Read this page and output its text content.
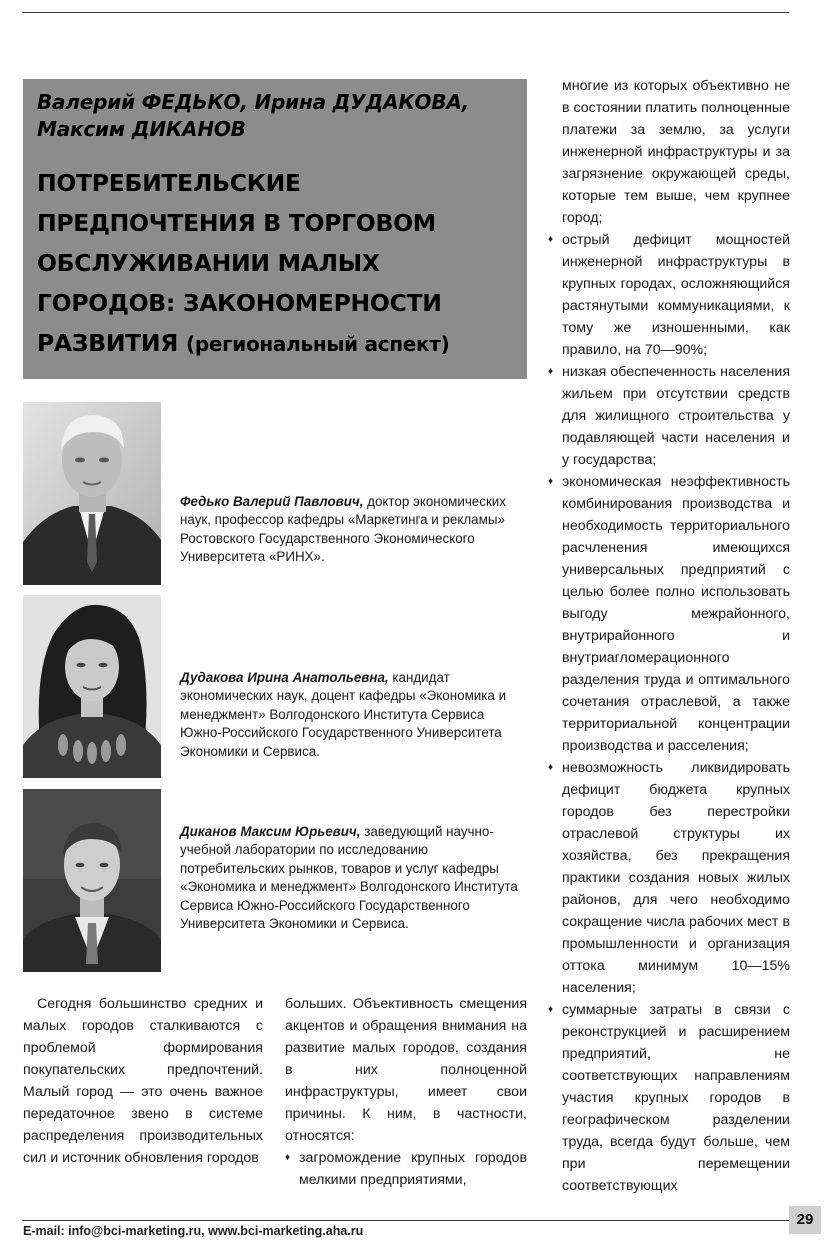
Валерий ФЕДЬКО, Ирина ДУДАКОВА,
Максим ДИКАНОВ

ПОТРЕБИТЕЛЬСКИЕ ПРЕДПОЧТЕНИЯ В ТОРГОВОМ ОБСЛУЖИВАНИИ МАЛЫХ ГОРОДОВ: ЗАКОНОМЕРНОСТИ РАЗВИТИЯ (региональный аспект)

Федько Валерий Павлович, доктор экономических наук, профессор кафедры «Маркетинга и рекламы» Ростовского Государственного Экономического Университета «РИНХ».
Дудакова Ирина Анатольевна, кандидат экономических наук, доцент кафедры «Экономика и менеджмент» Волгодонского Института Сервиса Южно-Российского Государственного Университета Экономики и Сервиса.
Диканов Максим Юрьевич, заведующий научно-учебной лаборатории по исследованию потребительских рынков, товаров и услуг кафедры «Экономика и менеджмент» Волгодонского Института Сервиса Южно-Российского Государственного Университета Экономики и Сервиса.

Сегодня большинство средних и малых городов сталкиваются с проблемой формирования покупательских предпочтений. Малый город — это очень важное передаточное звено в системе распределения производительных сил и источник обновления городов

больших. Объективность смещения акцентов и обращения внимания на развитие малых городов, создания в них полноценной инфраструктуры, имеет свои причины. К ним, в частности, относятся:

♦ загромождение крупных городов мелкими предприятиями,
многие из которых объективно не в состоянии платить полноценные платежи за землю, за услуги инженерной инфраструктуры и за загрязнение окружающей среды, которые тем выше, чем крупнее город;
♦ острый дефицит мощностей инженерной инфраструктуры в крупных городах, осложняющийся растянутыми коммуникациями, к тому же изношенными, как правило, на 70—90%;
♦ низкая обеспеченность населения жильем при отсутствии средств для жилищного строительства у подавляющей части населения и у государства;
♦ экономическая неэффективность комбинирования производства и необходимость территориального расчленения имеющихся универсальных предприятий с целью более полно использовать выгоду межрайонного, внутрирайонного и внутриагломерационного разделения труда и оптимального сочетания отраслевой, а также территориальной концентрации производства и расселения;
♦ невозможность ликвидировать дефицит бюджета крупных городов без перестройки отраслевой структуры их хозяйства, без прекращения практики создания новых жилых районов, для чего необходимо сокращение числа рабочих мест в промышленности и организация оттока минимум 10—15% населения;
♦ суммарные затраты в связи с реконструкцией и расширением предприятий, не соответствующих направлениям участия крупных городов в географическом разделении труда, всегда будут больше, чем при перемещении соответствующих
E-mail: info@bci-marketing.ru, www.bci-marketing.aha.ru
29
